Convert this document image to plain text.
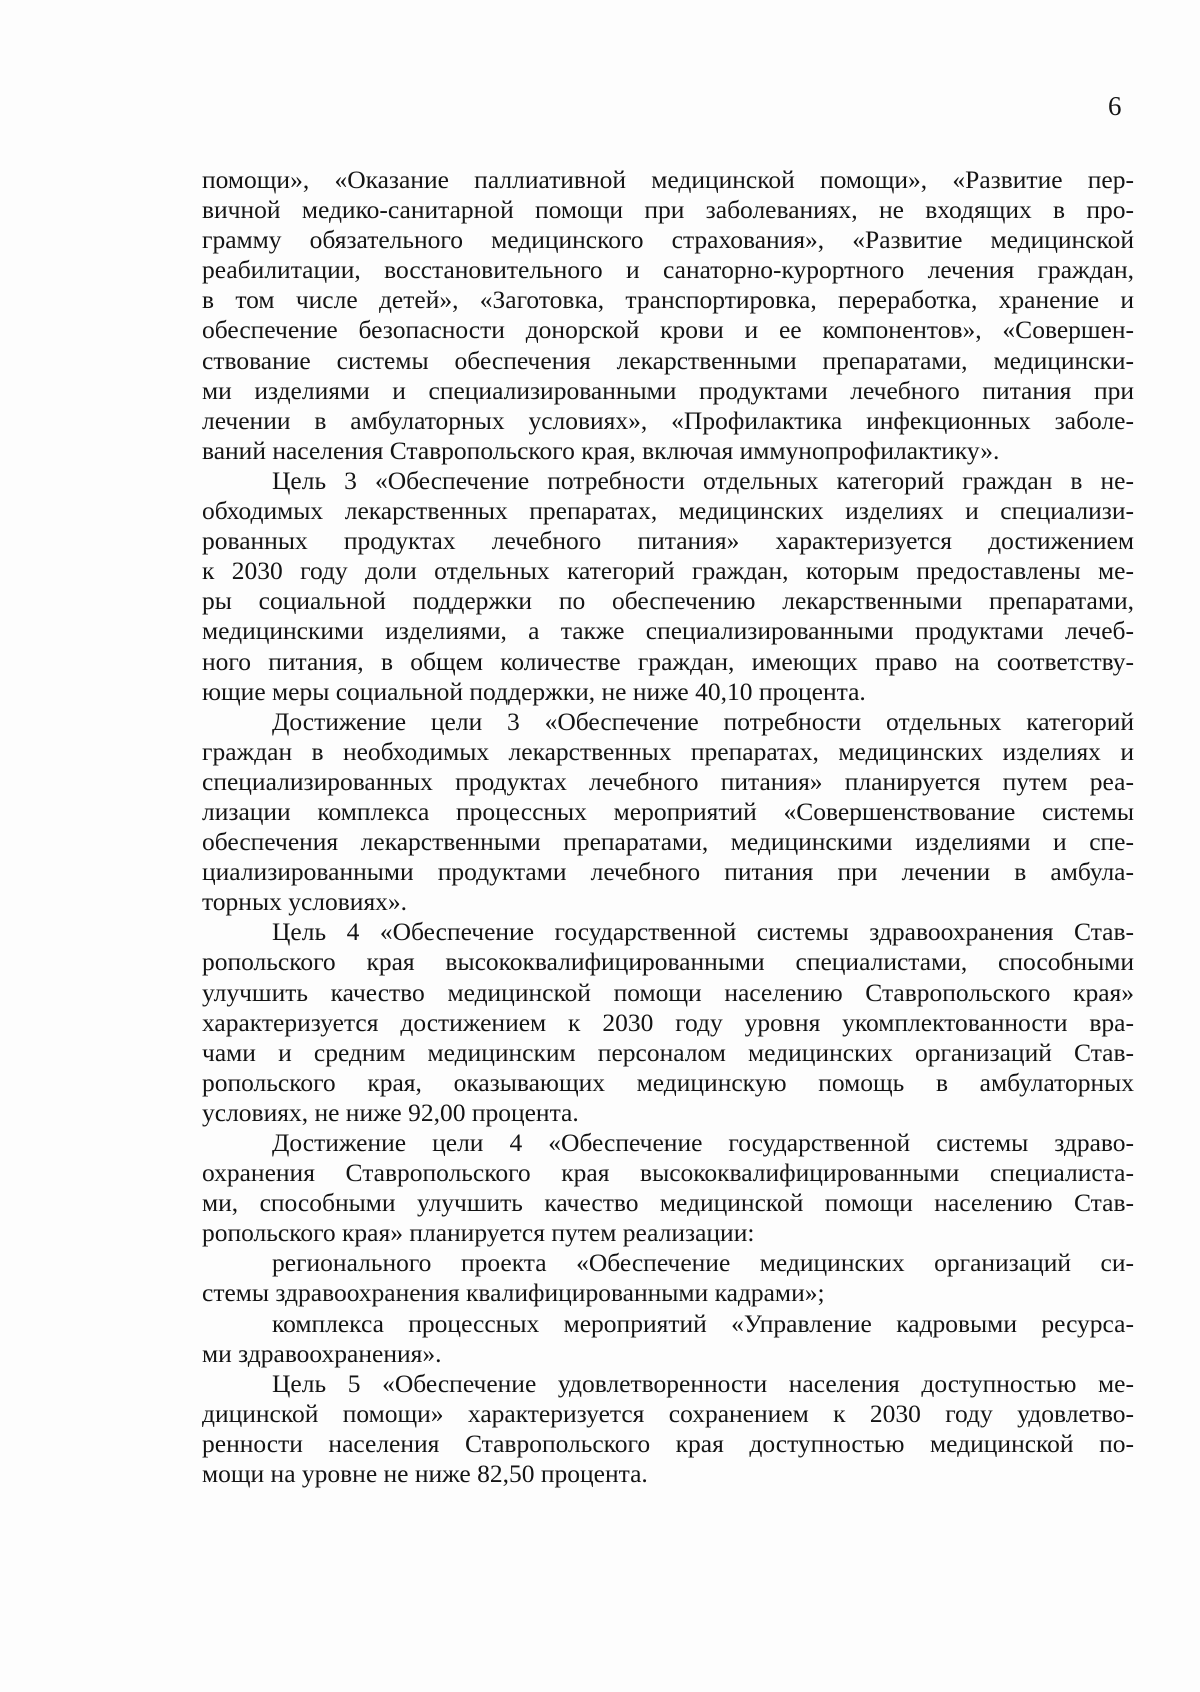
6
помощи», «Оказание паллиативной медицинской помощи», «Развитие пер-
вичной медико-санитарной помощи при заболеваниях, не входящих в про-
грамму обязательного медицинского страхования», «Развитие медицинской
реабилитации, восстановительного и санаторно-курортного лечения граждан,
в том числе детей», «Заготовка, транспортировка, переработка, хранение и
обеспечение безопасности донорской крови и ее компонентов», «Совершен-
ствование системы обеспечения лекарственными препаратами, медицински-
ми изделиями и специализированными продуктами лечебного питания при
лечении в амбулаторных условиях», «Профилактика инфекционных заболе-
ваний населения Ставропольского края, включая иммунопрофилактику».
Цель 3 «Обеспечение потребности отдельных категорий граждан в не-
обходимых лекарственных препаратах, медицинских изделиях и специализи-
рованных продуктах лечебного питания» характеризуется достижением
к 2030 году доли отдельных категорий граждан, которым предоставлены ме-
ры социальной поддержки по обеспечению лекарственными препаратами,
медицинскими изделиями, а также специализированными продуктами лечеб-
ного питания, в общем количестве граждан, имеющих право на соответству-
ющие меры социальной поддержки, не ниже 40,10 процента.
Достижение цели 3 «Обеспечение потребности отдельных категорий
граждан в необходимых лекарственных препаратах, медицинских изделиях и
специализированных продуктах лечебного питания» планируется путем реа-
лизации комплекса процессных мероприятий «Совершенствование системы
обеспечения лекарственными препаратами, медицинскими изделиями и спе-
циализированными продуктами лечебного питания при лечении в амбула-
торных условиях».
Цель 4 «Обеспечение государственной системы здравоохранения Став-
ропольского края высококвалифицированными специалистами, способными
улучшить качество медицинской помощи населению Ставропольского края»
характеризуется достижением к 2030 году уровня укомплектованности вра-
чами и средним медицинским персоналом медицинских организаций Став-
ропольского края, оказывающих медицинскую помощь в амбулаторных
условиях, не ниже 92,00 процента.
Достижение цели 4 «Обеспечение государственной системы здраво-
охранения Ставропольского края высококвалифицированными специалиста-
ми, способными улучшить качество медицинской помощи населению Став-
ропольского края» планируется путем реализации:
регионального проекта «Обеспечение медицинских организаций си-
стемы здравоохранения квалифицированными кадрами»;
комплекса процессных мероприятий «Управление кадровыми ресурса-
ми здравоохранения».
Цель 5 «Обеспечение удовлетворенности населения доступностью ме-
дицинской помощи» характеризуется сохранением к 2030 году удовлетво-
ренности населения Ставропольского края доступностью медицинской по-
мощи на уровне не ниже 82,50 процента.
